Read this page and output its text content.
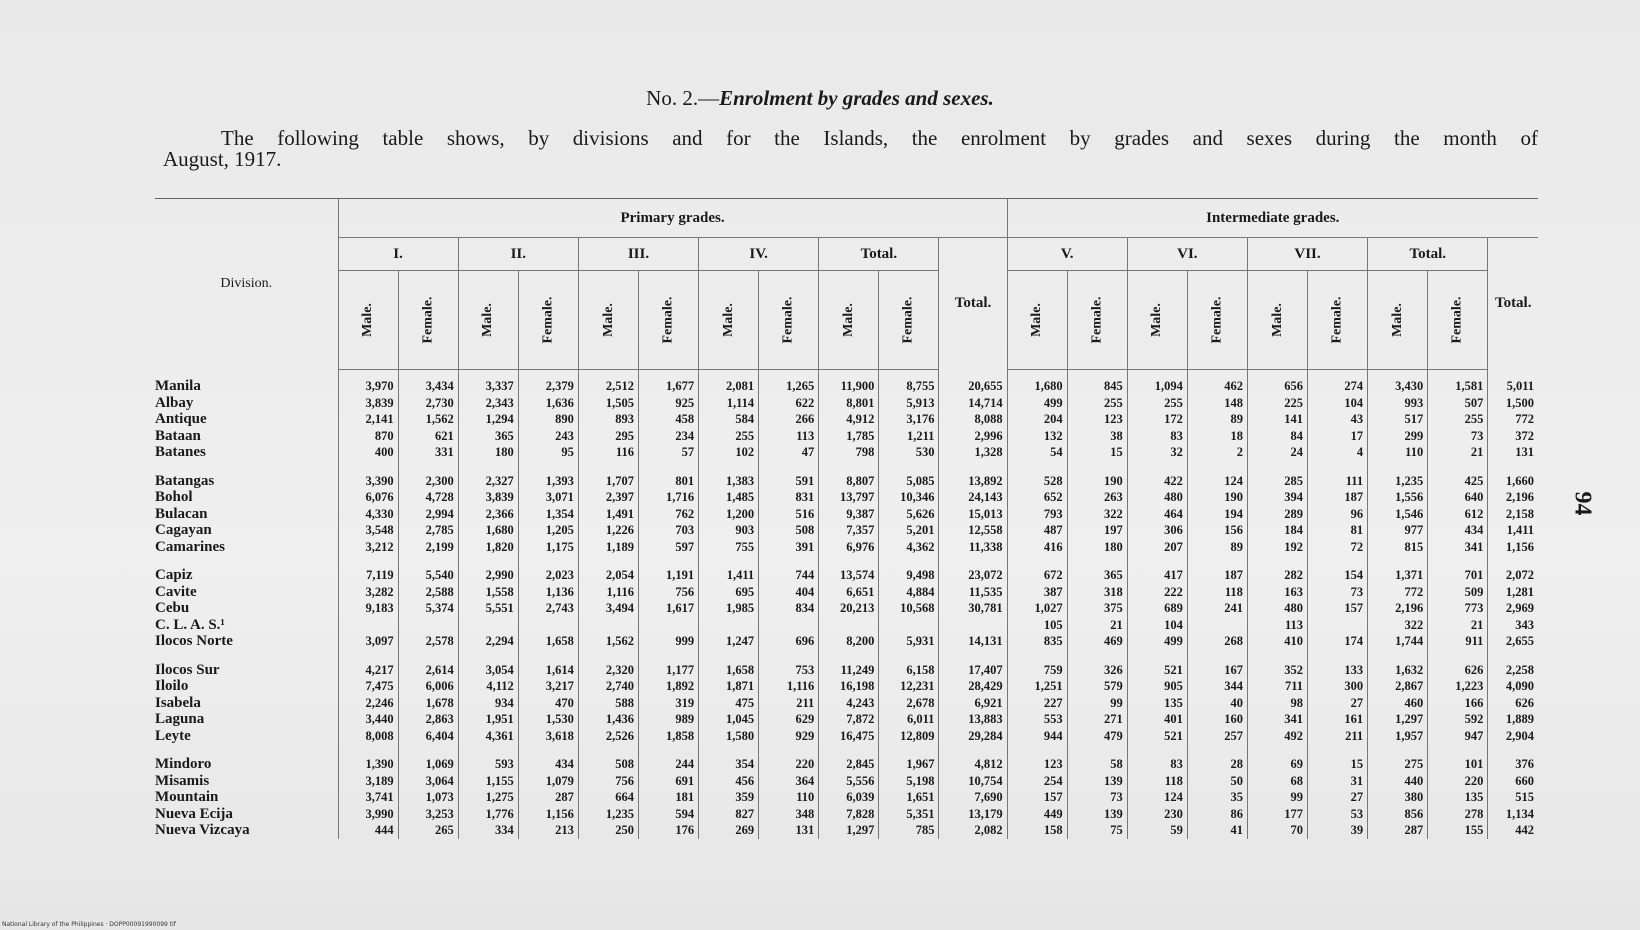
No. 2.—Enrolment by grades and sexes.
The following table shows, by divisions and for the Islands, the enrolment by grades and sexes during the month of
August, 1917.
Division.	Primary grades.											Intermediate grades.								
	I.		II.		III.		IV.		Total.		Total.	V.		VI.		VII.		Total.		Total.
	Male.	Female.	Male.	Female.	Male.	Female.	Male.	Female.	Male.	Female.		Male.	Female.	Male.	Female.	Male.	Female.	Male.	Female.	
Manila	3,970	3,434	3,337	2,379	2,512	1,677	2,081	1,265	11,900	8,755	20,655	1,680	845	1,094	462	656	274	3,430	1,581	5,011
Albay	3,839	2,730	2,343	1,636	1,505	925	1,114	622	8,801	5,913	14,714	499	255	255	148	225	104	993	507	1,500
Antique	2,141	1,562	1,294	890	893	458	584	266	4,912	3,176	8,088	204	123	172	89	141	43	517	255	772
Bataan	870	621	365	243	295	234	255	113	1,785	1,211	2,996	132	38	83	18	84	17	299	73	372
Batanes	400	331	180	95	116	57	102	47	798	530	1,328	54	15	32	2	24	4	110	21	131
Batangas	3,390	2,300	2,327	1,393	1,707	801	1,383	591	8,807	5,085	13,892	528	190	422	124	285	111	1,235	425	1,660
Bohol	6,076	4,728	3,839	3,071	2,397	1,716	1,485	831	13,797	10,346	24,143	652	263	480	190	394	187	1,556	640	2,196
Bulacan	4,330	2,994	2,366	1,354	1,491	762	1,200	516	9,387	5,626	15,013	793	322	464	194	289	96	1,546	612	2,158
Cagayan	3,548	2,785	1,680	1,205	1,226	703	903	508	7,357	5,201	12,558	487	197	306	156	184	81	977	434	1,411
Camarines	3,212	2,199	1,820	1,175	1,189	597	755	391	6,976	4,362	11,338	416	180	207	89	192	72	815	341	1,156
Capiz	7,119	5,540	2,990	2,023	2,054	1,191	1,411	744	13,574	9,498	23,072	672	365	417	187	282	154	1,371	701	2,072
Cavite	3,282	2,588	1,558	1,136	1,116	756	695	404	6,651	4,884	11,535	387	318	222	118	163	73	772	509	1,281
Cebu	9,183	5,374	5,551	2,743	3,494	1,617	1,985	834	20,213	10,568	30,781	1,027	375	689	241	480	157	2,196	773	2,969
C. L. A. S.¹												105	21	104		113		322	21	343
Ilocos Norte	3,097	2,578	2,294	1,658	1,562	999	1,247	696	8,200	5,931	14,131	835	469	499	268	410	174	1,744	911	2,655
Ilocos Sur	4,217	2,614	3,054	1,614	2,320	1,177	1,658	753	11,249	6,158	17,407	759	326	521	167	352	133	1,632	626	2,258
Iloilo	7,475	6,006	4,112	3,217	2,740	1,892	1,871	1,116	16,198	12,231	28,429	1,251	579	905	344	711	300	2,867	1,223	4,090
Isabela	2,246	1,678	934	470	588	319	475	211	4,243	2,678	6,921	227	99	135	40	98	27	460	166	626
Laguna	3,440	2,863	1,951	1,530	1,436	989	1,045	629	7,872	6,011	13,883	553	271	401	160	341	161	1,297	592	1,889
Leyte	8,008	6,404	4,361	3,618	2,526	1,858	1,580	929	16,475	12,809	29,284	944	479	521	257	492	211	1,957	947	2,904
Mindoro	1,390	1,069	593	434	508	244	354	220	2,845	1,967	4,812	123	58	83	28	69	15	275	101	376
Misamis	3,189	3,064	1,155	1,079	756	691	456	364	5,556	5,198	10,754	254	139	118	50	68	31	440	220	660
Mountain	3,741	1,073	1,275	287	664	181	359	110	6,039	1,651	7,690	157	73	124	35	99	27	380	135	515
Nueva Ecija	3,990	3,253	1,776	1,156	1,235	594	827	348	7,828	5,351	13,179	449	139	230	86	177	53	856	278	1,134
Nueva Vizcaya	444	265	334	213	250	176	269	131	1,297	785	2,082	158	75	59	41	70	39	287	155	442
94
National Library of the Philippines · DOPP00091990099 tif
